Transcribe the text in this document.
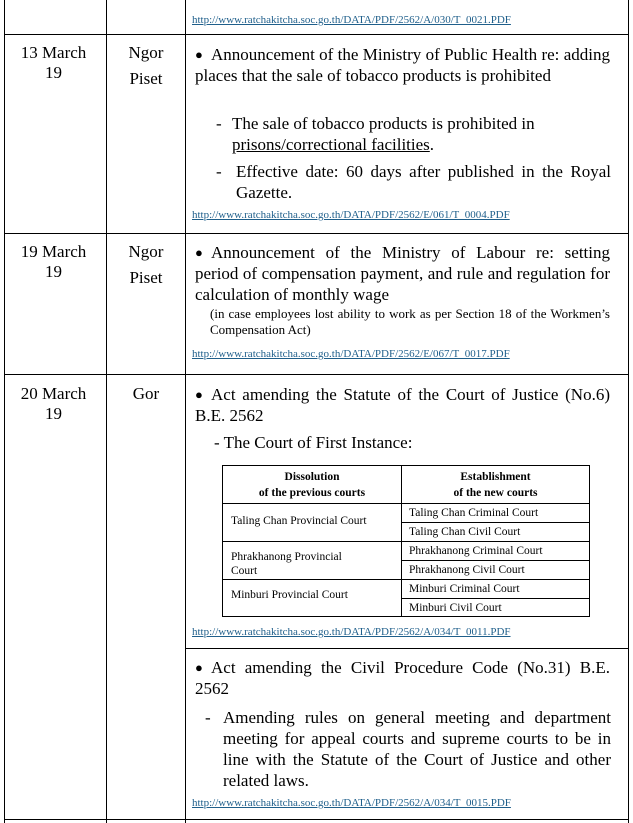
http://www.ratchakitcha.soc.go.th/DATA/PDF/2562/A/030/T_0021.PDF
13 March
19
Ngor
Piset
● Announcement of the Ministry of Public Health re: adding places that the sale of tobacco products is prohibited
- The sale of tobacco products is prohibited in
prisons/correctional facilities.
- Effective date: 60 days after published in the Royal Gazette.
http://www.ratchakitcha.soc.go.th/DATA/PDF/2562/E/061/T_0004.PDF
19 March
19
Ngor
Piset
● Announcement of the Ministry of Labour re: setting period of compensation payment, and rule and regulation for calculation of monthly wage
(in case employees lost ability to work as per Section 18 of the Workmen’s Compensation Act)
http://www.ratchakitcha.soc.go.th/DATA/PDF/2562/E/067/T_0017.PDF
20 March
19
Gor	● Act amending the Statute of the Court of Justice (No.6) B.E. 2562
- The Court of First Instance:
Dissolution
of the previous courts
Establishment
of the new courts
Taling Chan Provincial Court
Taling Chan Criminal Court
Taling Chan Civil Court
Phrakhanong Provincial
Court
Phrakhanong Criminal Court
Phrakhanong Civil Court
Minburi Provincial Court	Minburi Criminal Court
Minburi Civil Court
http://www.ratchakitcha.soc.go.th/DATA/PDF/2562/A/034/T_0011.PDF
● Act amending the Civil Procedure Code (No.31) B.E. 2562
- Amending rules on general meeting and department meeting for appeal courts and supreme courts to be in line with the Statute of the Court of Justice and other related laws.
http://www.ratchakitcha.soc.go.th/DATA/PDF/2562/A/034/T_0015.PDF
